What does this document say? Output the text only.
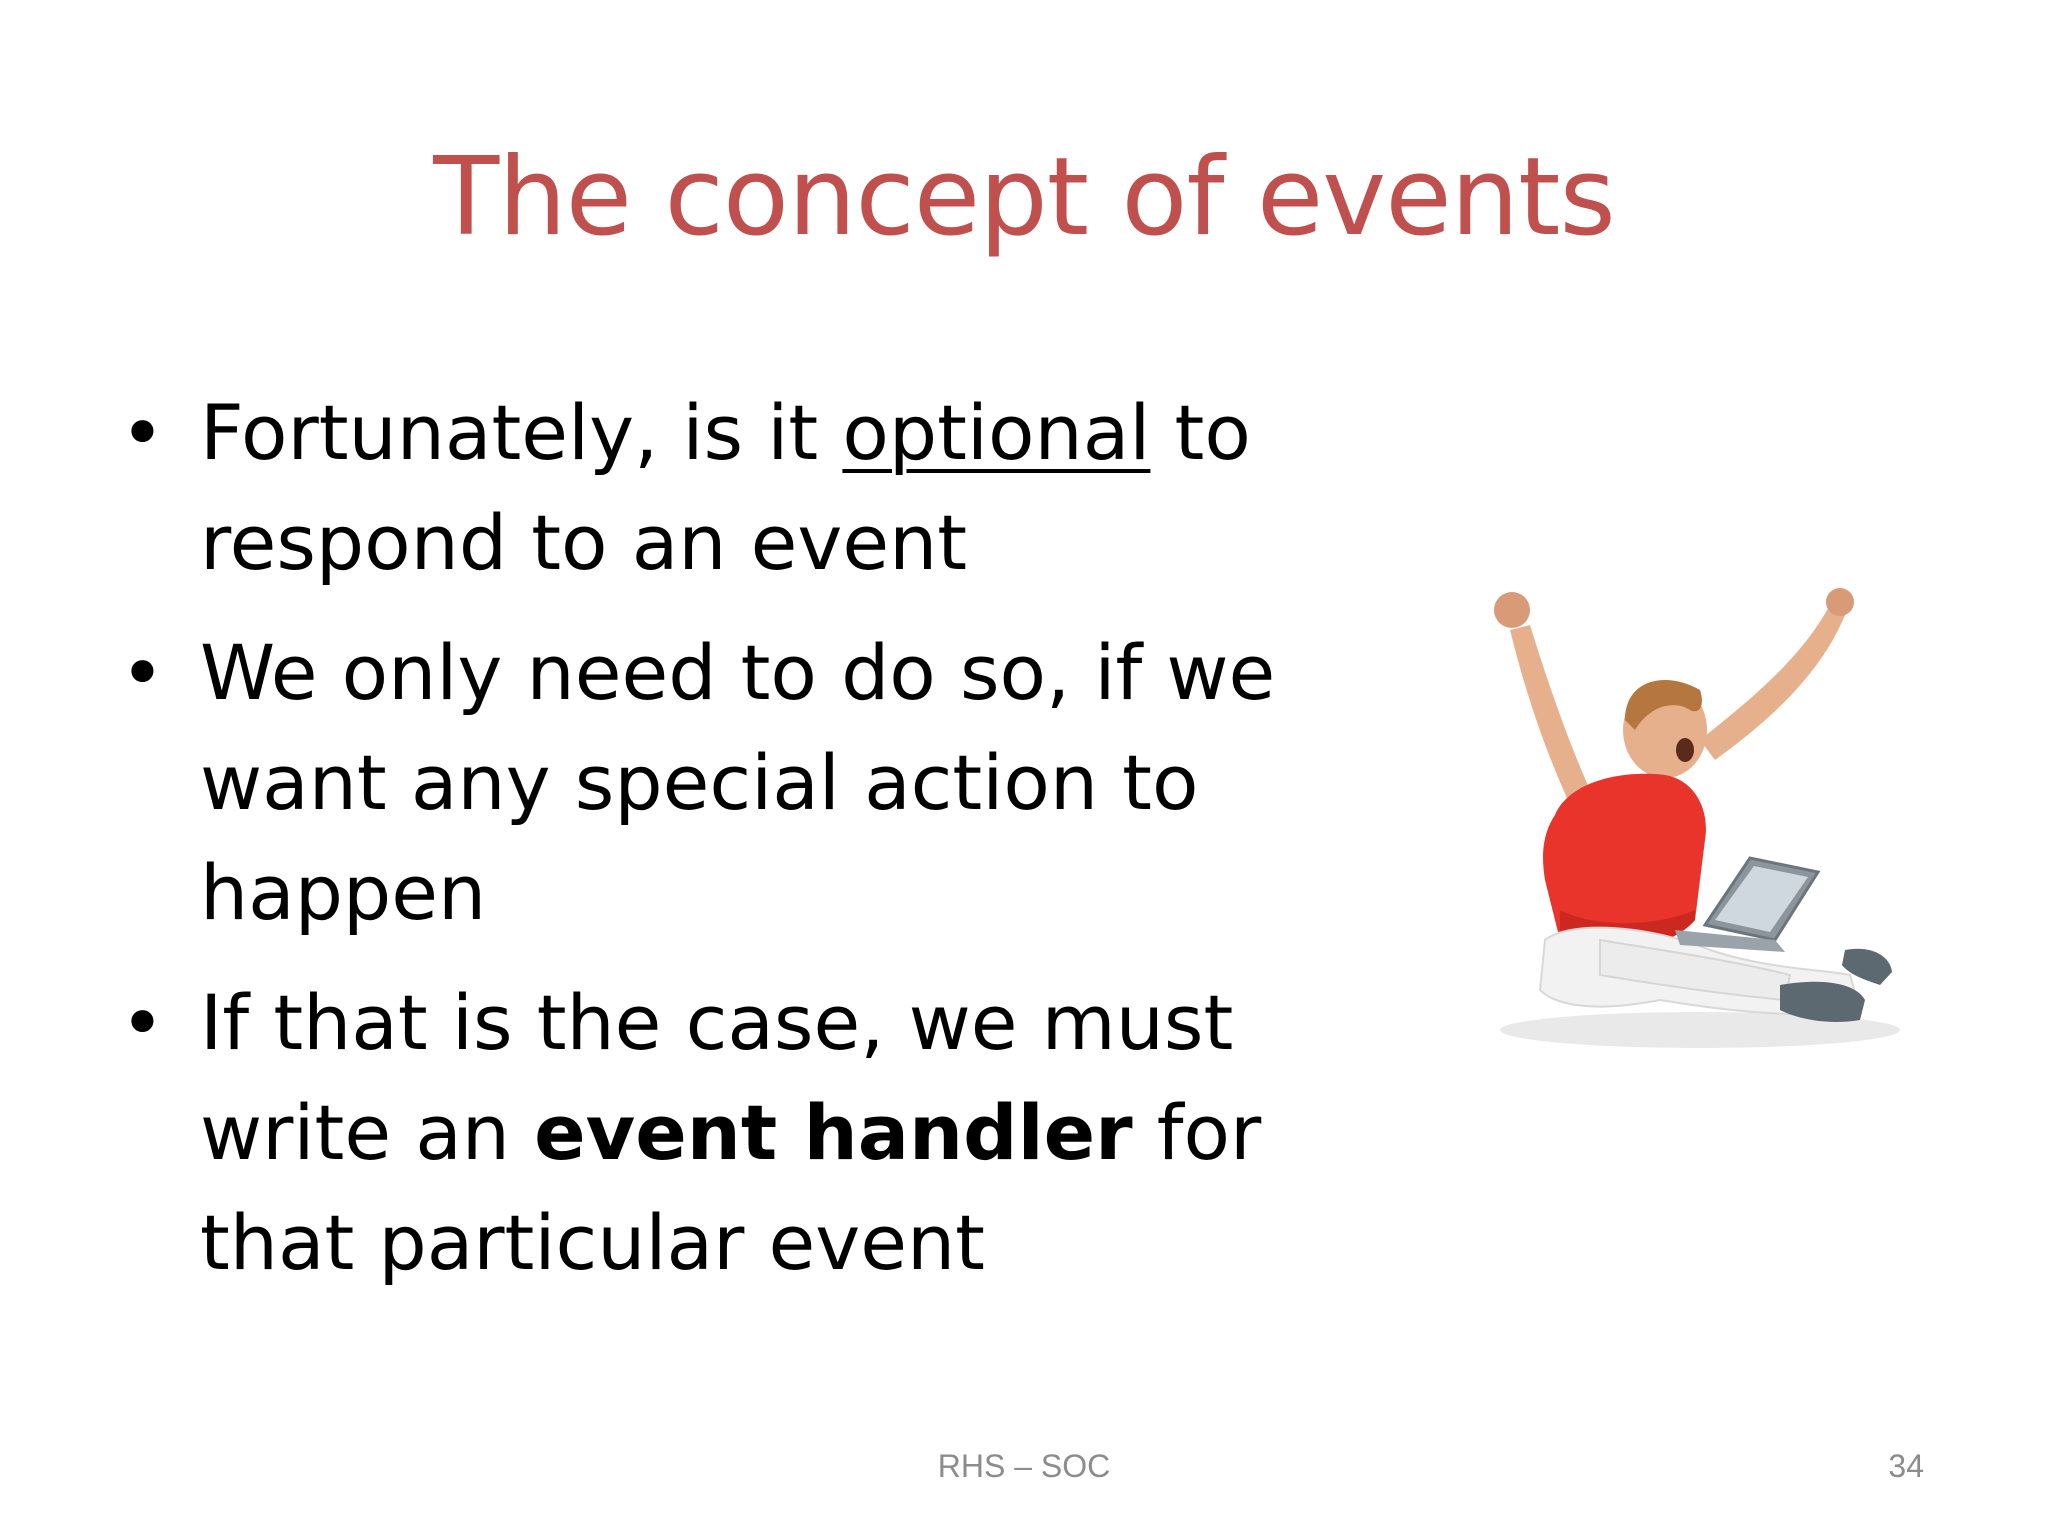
The concept of events
• Fortunately, is it optional to respond to an event
• We only need to do so, if we want any special action to happen
• If that is the case, we must write an event handler for that particular event
RHS – SOC	34
